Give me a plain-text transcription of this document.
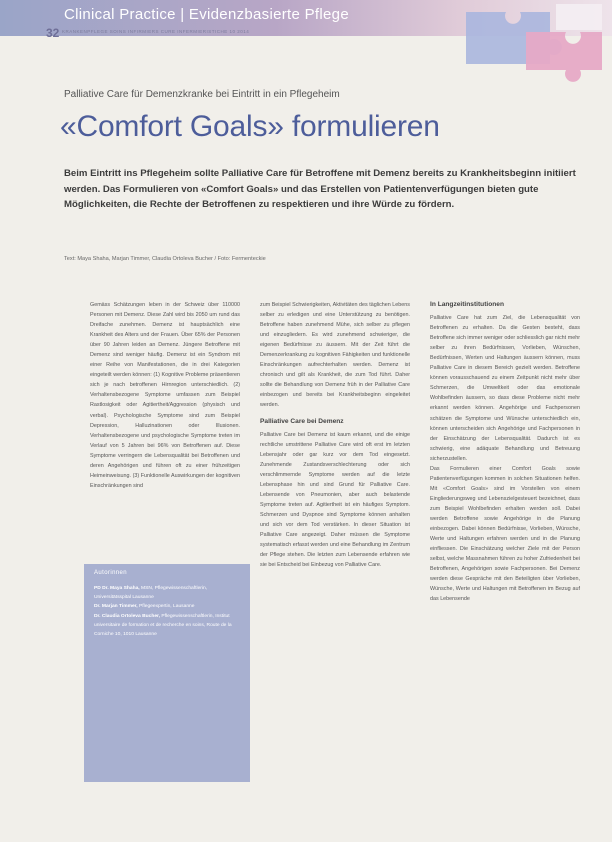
Clinical Practice | Evidenzbasierte Pflege
32 KRANKENPFLEGE SOINS INFIRMIERS CURE INFERMIERISTICHE 10 2014
Palliative Care für Demenzkranke bei Eintritt in ein Pflegeheim
«Comfort Goals» formulieren
Beim Eintritt ins Pflegeheim sollte Palliative Care für Betroffene mit Demenz bereits zu Krankheitsbeginn initiiert werden. Das Formulieren von «Comfort Goals» und das Erstellen von Patientenverfügungen bieten gute Möglichkeiten, die Rechte der Betroffenen zu respektieren und ihre Würde zu fördern.
Text: Maya Shaha, Marjan Timmer, Claudia Ortoleva Bucher / Foto: Fermenteckie

Gemäss Schätzungen leben in der Schweiz über 110000 Personen mit Demenz. Diese Zahl wird bis 2050 um rund das Dreifache zunehmen. Demenz ist hauptsächlich eine Krankheit des Alters und der Frauen. Über 65% der Personen über 90 Jahren leiden an Demenz. Jüngere Betroffene mit Demenz sind weniger häufig. Demenz ist ein Syndrom mit einer Reihe von Manifestationen, die in drei Kategorien eingeteilt werden können: (1) Kognitive Probleme präsentieren sich je nach betroffenen Hirnregion unterschiedlich. (2) Verhaltensbezogene Symptome umfassen zum Beispiel Rastlosigkeit oder Agitiertheit/Aggression (physisch und verbal). Psychologische Symptome sind zum Beispiel Depression, Halluzinationen oder Illusionen. Verhaltensbezogene und psychologische Symptome treten im Verlauf von 5 Jahren bei 96% von Betroffenen auf. Diese Symptome verringern die Lebensqualität bei Betroffenen und deren Angehörigen und führen oft zu einer frühzeitigen Heimeinweisung. (3) Funktionelle Auswirkungen der kognitiven Einschränkungen sind

zum Beispiel Schwierigkeiten, Aktivitäten des täglichen Lebens selber zu erledigen und eine Unterstützung zu benötigen. Betroffene haben zunehmend Mühe, sich selber zu pflegen und einzugliedern. Es wird zunehmend schwieriger, die eigenen Bedürfnisse zu äussern. Mit der Zeit führt die Demenzerkrankung zu kognitiven Fähigkeiten und funktionelle Einschränkungen aufrechterhalten werden. Demenz ist chronisch und gilt als Krankheit, die zum Tod führt. Daher sollte die Behandlung von Demenz früh in der Palliative Care einbezogen und bereits bei Krankheitsbeginn eingeleitet werden.

Palliative Care bei Demenz

Palliative Care bei Demenz ist kaum erkannt, und die einige rechtliche umstrittene Palliative Care wird oft erst im letzten Lebensjahr oder gar kurz vor dem Tod eingesetzt. Zunehmende Zustandsverschlechterung oder sich verschlimmernde Symptome werden auf die letzte Lebensphase hin und sind Grund für Palliative Care. Lebensende von Pneumonien, aber auch belastende Symptome treten auf. Agitiertheit ist ein häufiges Symptom. Schmerzen und Dyspnoe sind Symptome können anhalten und sich vor dem Tod verstärken. In dieser Situation ist Palliative Care angezeigt. Daher müssen die Symptome systematisch erfasst werden und eine Behandlung im Zentrum der Pflege stehen. Die letzten zum Lebensende erfahren wie sie bei Entscheid bei Einbezug von Palliative Care.

In Langzeitinstitutionen

Palliative Care hat zum Ziel, die Lebensqualität von Betroffenen zu erhalten. Da die Gesten besteht, dass Betroffene sich immer weniger oder schliesslich gar nicht mehr selber zu ihren Bedürfnissen, Vorlieben, Wünschen, Bedürfnissen, Werten und Haltungen äussern können, muss Palliative Care in diesem Bereich gezielt werden. Betroffene können vorausschauend zu einem Zeitpunkt nicht mehr über Schmerzen, die Umweltkeit oder das emotionale Wohlbefinden äussern, so dass diese Probleme nicht mehr erkannt werden können. Angehörige und Fachpersonen schätzen die Symptome und Wünsche unterschiedlich ein, können unterscheiden sich Angehörige und Fachpersonen in der Einschätzung der Lebensqualität. Dadurch ist es schwierig, eine adäquate Behandlung und Betreuung sicherzustellen.

Das Formulieren einer Comfort Goals sowie Patientenverfügungen kommen in solchen Situationen helfen. Mit «Comfort Goals» sind im Vorstellen von einem Eingliederungsweg und Lebenszielgesteuert bezeichnet, dass zum Beispiel Wohlbefinden erhalten werden soll. Dabei werden Betroffene sowie Angehörige in die Planung einbezogen. Dabei können Bedürfnisse, Vorlieben, Wünsche, Werte und Haltungen erfahren werden und in die Planung einfliessen. Die Einschätzung welcher Ziele mit der Person selbst, welche Massnahmen führen zu hoher Zufriedenheit bei Betroffenen, Angehörigen sowie Fachpersonen. Bei Demenz werden diese Gespräche mit den Beteiligten über Vorlieben, Wünsche, Werte und Haltungen mit Betroffenen im Bezug auf das Lebensende

Autorinnen

PD Dr. Maya Shaha, MSN, Pflegewissenschaftlerin, Universitätsspital Lausanne

Dr. Marjan Timmer, Pflegeexpertin, Lausanne

Dr. Claudia Ortoleva Bucher, Pflegewissenschaftlerin, Institut universitaire de formation et de recherche en soins, Route de la Corniche 10, 1010 Lausanne
